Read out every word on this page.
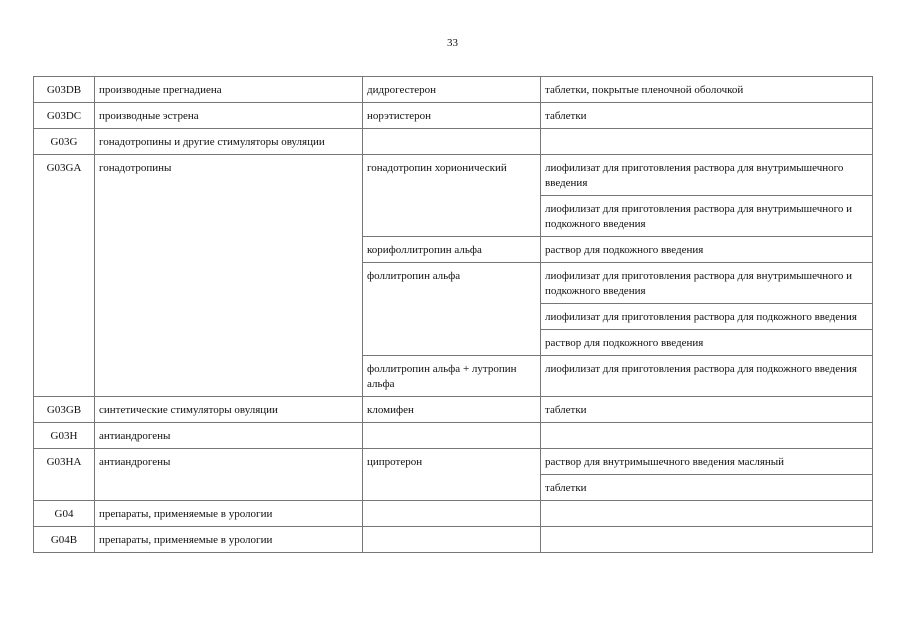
33
G03DB	производные прегнадиена	дидрогестерон	таблетки, покрытые пленочной оболочкой
G03DC	производные эстрена	норэтистерон	таблетки
G03G	гонадотропины и другие стимуляторы овуляции		
G03GA	гонадотропины	гонадотропин хорионический	лиофилизат для приготовления раствора для внутримышечного введения
			лиофилизат для приготовления раствора для внутримышечного и подкожного введения
		корифоллитропин альфа	раствор для подкожного введения
		фоллитропин альфа	лиофилизат для приготовления раствора для внутримышечного и подкожного введения
			лиофилизат для приготовления раствора для подкожного введения
			раствор для подкожного введения
		фоллитропин альфа + лутропин альфа	лиофилизат для приготовления раствора для подкожного введения
G03GB	синтетические стимуляторы овуляции	кломифен	таблетки
G03H	антиандрогены		
G03HA	антиандрогены	ципротерон	раствор для внутримышечного введения масляный
			таблетки
G04	препараты, применяемые в урологии		
G04B	препараты, применяемые в урологии		
